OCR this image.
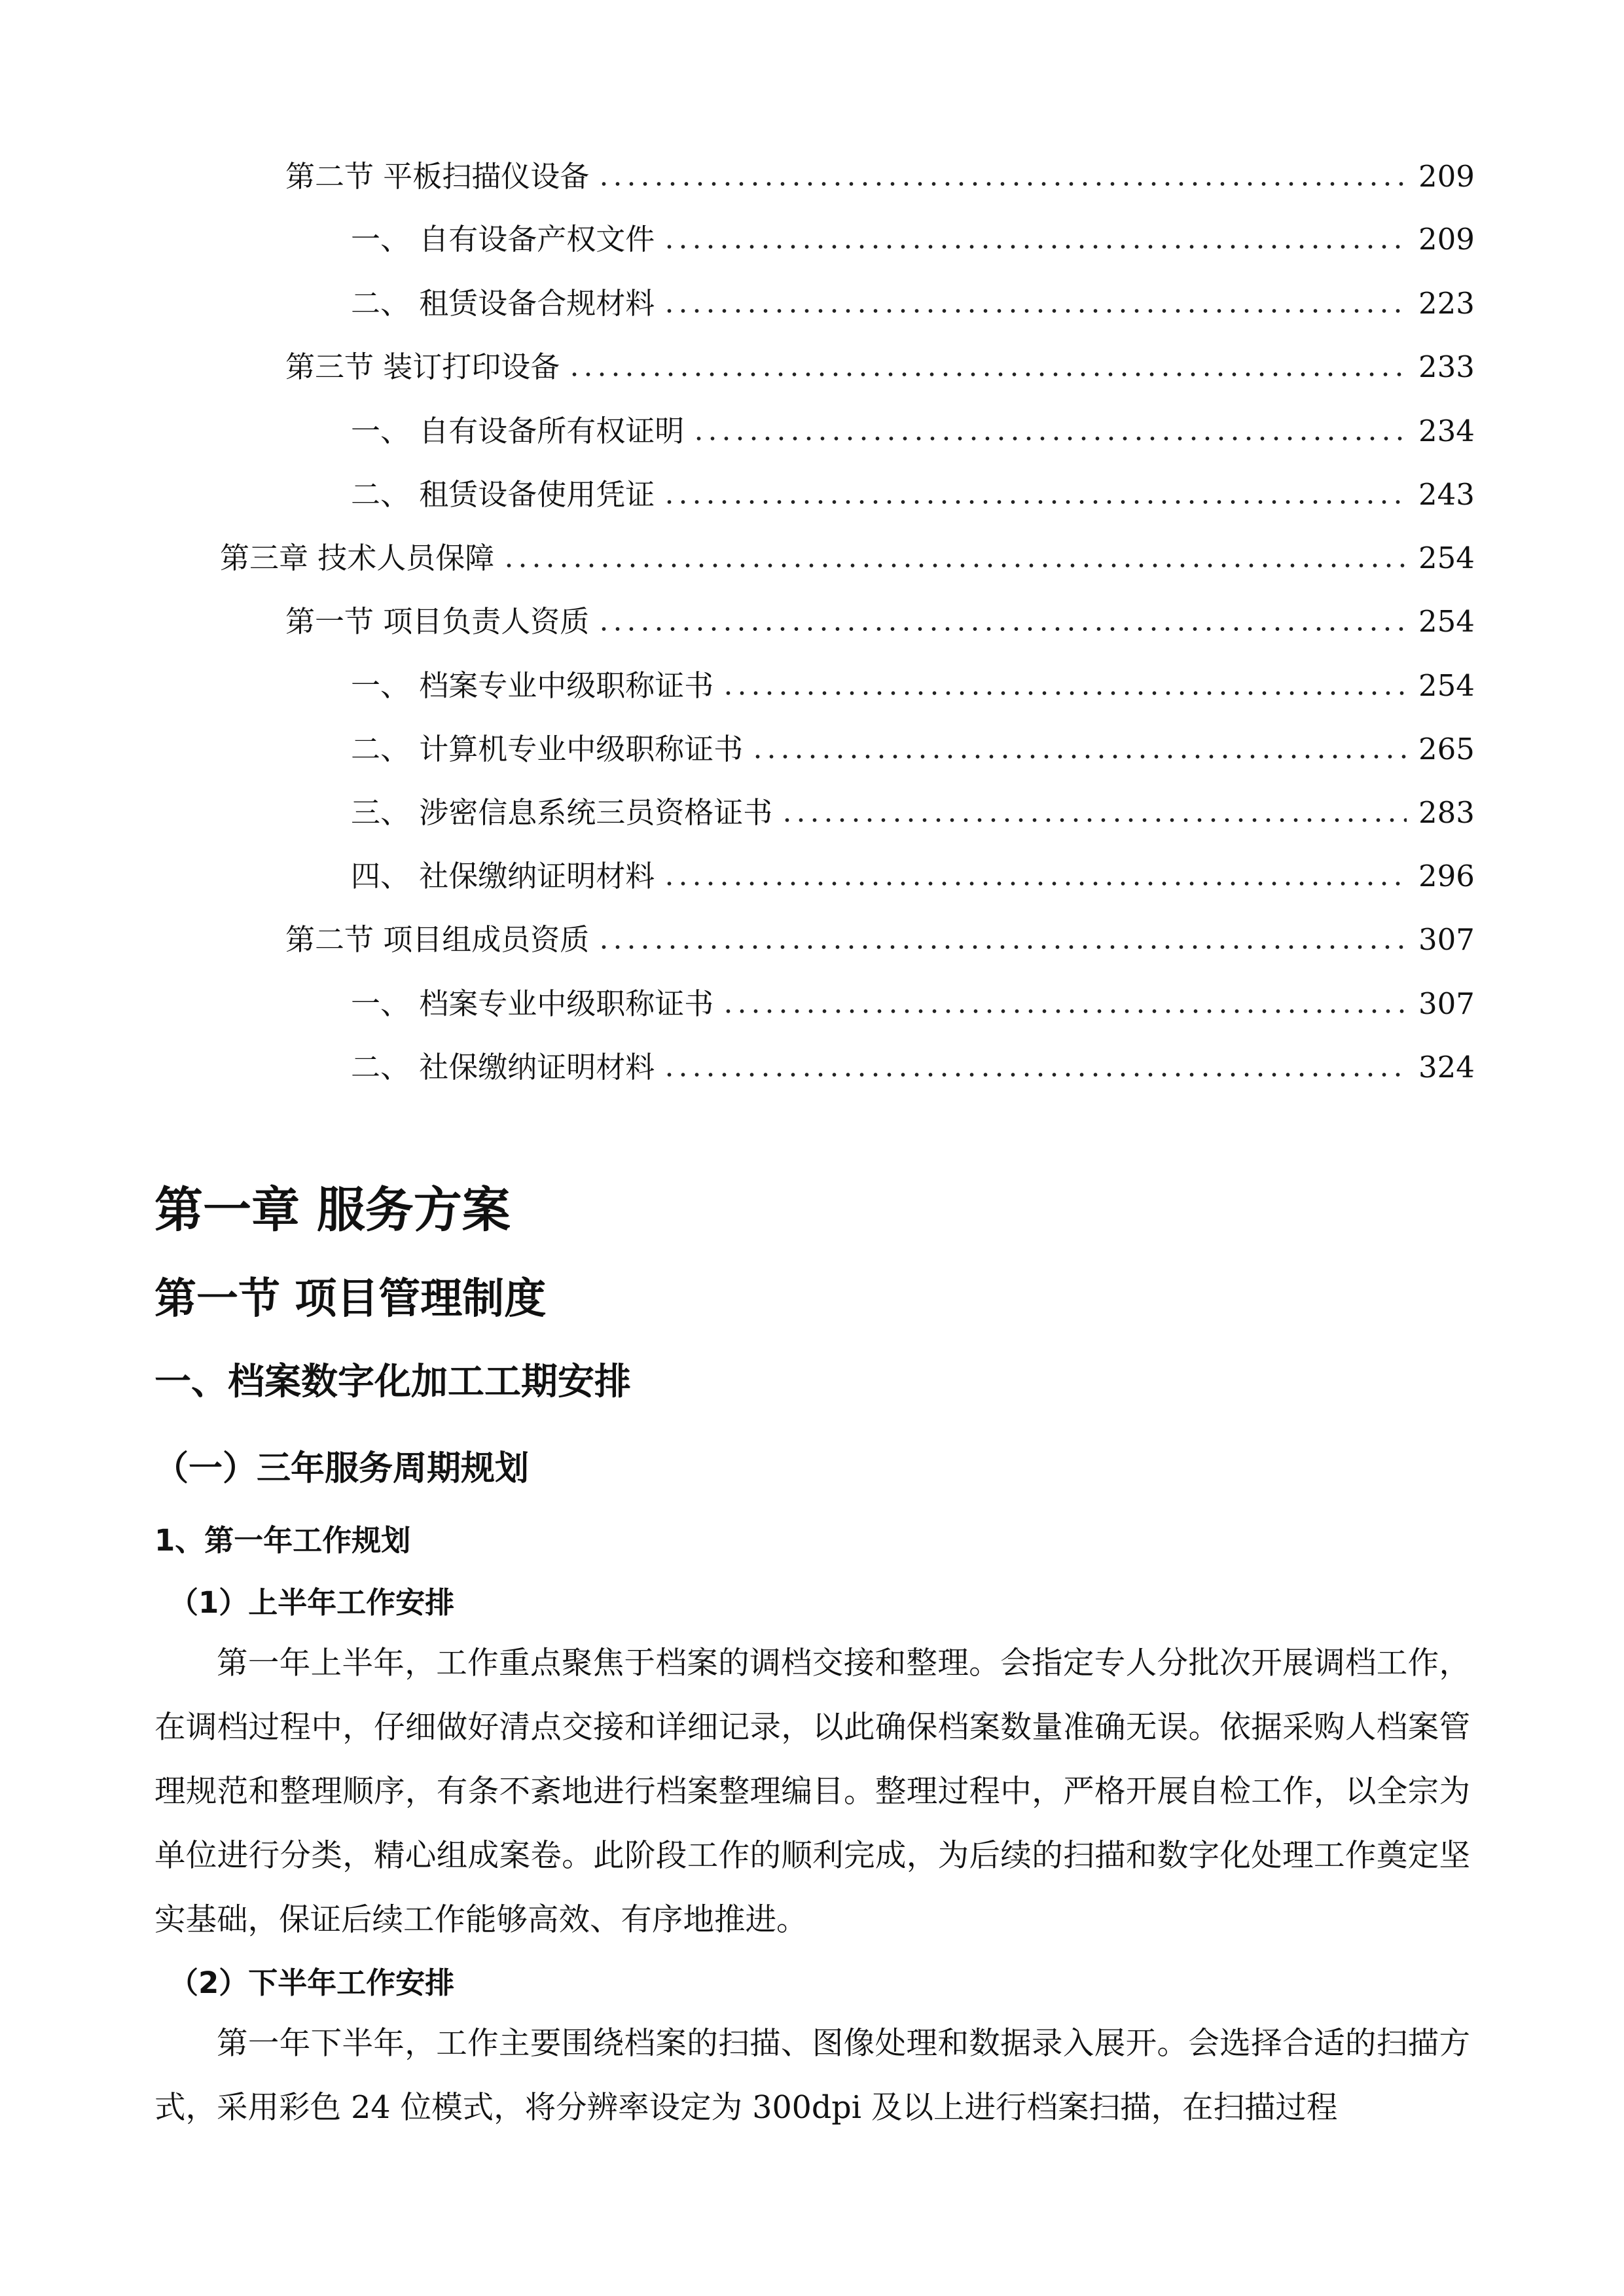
第二节 平板扫描仪设备	209
一、 自有设备产权文件	209
二、 租赁设备合规材料	223
第三节 装订打印设备	233
一、 自有设备所有权证明	234
二、 租赁设备使用凭证	243
第三章 技术人员保障	254
第一节 项目负责人资质	254
一、 档案专业中级职称证书	254
二、 计算机专业中级职称证书	265
三、 涉密信息系统三员资格证书	283
四、 社保缴纳证明材料	296
第二节 项目组成员资质	307
一、 档案专业中级职称证书	307
二、 社保缴纳证明材料	324
第一章 服务方案
第一节 项目管理制度
一、档案数字化加工工期安排
（一）三年服务周期规划
1、第一年工作规划
（1）上半年工作安排

第一年上半年，工作重点聚焦于档案的调档交接和整理。会指定专人分批次开展调档工作，在调档过程中，仔细做好清点交接和详细记录，以此确保档案数量准确无误。依据采购人档案管理规范和整理顺序，有条不紊地进行档案整理编目。整理过程中，严格开展自检工作，以全宗为单位进行分类，精心组成案卷。此阶段工作的顺利完成，为后续的扫描和数字化处理工作奠定坚实基础，保证后续工作能够高效、有序地推进。

（2）下半年工作安排

第一年下半年，工作主要围绕档案的扫描、图像处理和数据录入展开。会选择合适的扫描方式，采用彩色 24 位模式，将分辨率设定为 300dpi 及以上进行档案扫描，在扫描过程
